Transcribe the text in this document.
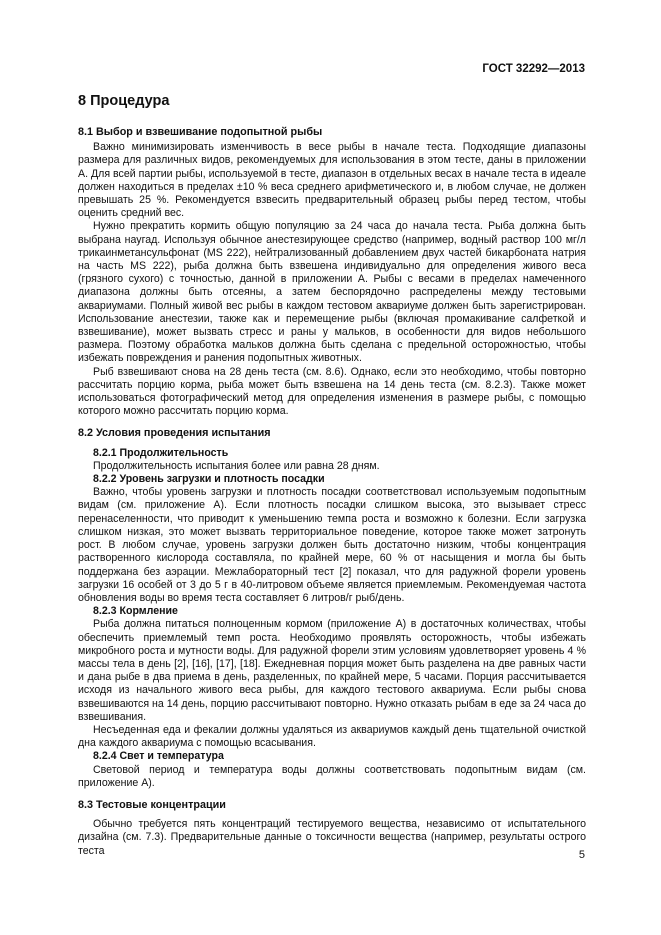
ГОСТ 32292—2013
8 Процедура
8.1 Выбор и взвешивание подопытной рыбы

Важно минимизировать изменчивость в весе рыбы в начале теста. Подходящие диапазоны размера для различных видов, рекомендуемых для использования в этом тесте, даны в приложении А. Для всей партии рыбы, используемой в тесте, диапазон в отдельных весах в начале теста в идеале должен находиться в пределах ±10 % веса среднего арифметического и, в любом случае, не должен превышать 25 %. Рекомендуется взвесить предварительный образец рыбы перед тестом, чтобы оценить средний вес.

Нужно прекратить кормить общую популяцию за 24 часа до начала теста. Рыба должна быть выбрана наугад. Используя обычное анестезирующее средство (например, водный раствор 100 мг/л трикаинметансульфонат (MS 222), нейтрализованный добавлением двух частей бикарбоната натрия на часть MS 222), рыба должна быть взвешена индивидуально для определения живого веса (грязного сухого) с точностью, данной в приложении А. Рыбы с весами в пределах намеченного диапазона должны быть отсеяны, а затем беспорядочно распределены между тестовыми аквариумами. Полный живой вес рыбы в каждом тестовом аквариуме должен быть зарегистрирован. Использование анестезии, также как и перемещение рыбы (включая промакивание салфеткой и взвешивание), может вызвать стресс и раны у мальков, в особенности для видов небольшого размера. Поэтому обработка мальков должна быть сделана с предельной осторожностью, чтобы избежать повреждения и ранения подопытных животных.

Рыб взвешивают снова на 28 день теста (см. 8.6). Однако, если это необходимо, чтобы повторно рассчитать порцию корма, рыба может быть взвешена на 14 день теста (см. 8.2.3). Также может использоваться фотографический метод для определения изменения в размере рыбы, с помощью которого можно рассчитать порцию корма.

8.2 Условия проведения испытания
8.2.1 Продолжительность

Продолжительность испытания более или равна 28 дням.

8.2.2 Уровень загрузки и плотность посадки

Важно, чтобы уровень загрузки и плотность посадки соответствовал используемым подопытным видам (см. приложение А). Если плотность посадки слишком высока, это вызывает стресс перенаселенности, что приводит к уменьшению темпа роста и возможно к болезни. Если загрузка слишком низкая, это может вызвать территориальное поведение, которое также может затронуть рост. В любом случае, уровень загрузки должен быть достаточно низким, чтобы концентрация растворенного кислорода составляла, по крайней мере, 60 % от насыщения и могла бы быть поддержана без аэрации. Межлабораторный тест [2] показал, что для радужной форели уровень загрузки 16 особей от 3 до 5 г в 40-литровом объеме является приемлемым. Рекомендуемая частота обновления воды во время теста составляет 6 литров/г рыб/день.

8.2.3 Кормление

Рыба должна питаться полноценным кормом (приложение А) в достаточных количествах, чтобы обеспечить приемлемый темп роста. Необходимо проявлять осторожность, чтобы избежать микробного роста и мутности воды. Для радужной форели этим условиям удовлетворяет уровень 4 % массы тела в день [2], [16], [17], [18]. Ежедневная порция может быть разделена на две равных части и дана рыбе в два приема в день, разделенных, по крайней мере, 5 часами. Порция рассчитывается исходя из начального живого веса рыбы, для каждого тестового аквариума. Если рыбы снова взвешиваются на 14 день, порцию рассчитывают повторно. Нужно отказать рыбам в еде за 24 часа до взвешивания.

Несъеденная еда и фекалии должны удаляться из аквариумов каждый день тщательной очисткой дна каждого аквариума с помощью всасывания.

8.2.4 Свет и температура

Световой период и температура воды должны соответствовать подопытным видам (см. приложение А).

8.3 Тестовые концентрации

Обычно требуется пять концентраций тестируемого вещества, независимо от испытательного дизайна (см. 7.3). Предварительные данные о токсичности вещества (например, результаты острого теста	5
